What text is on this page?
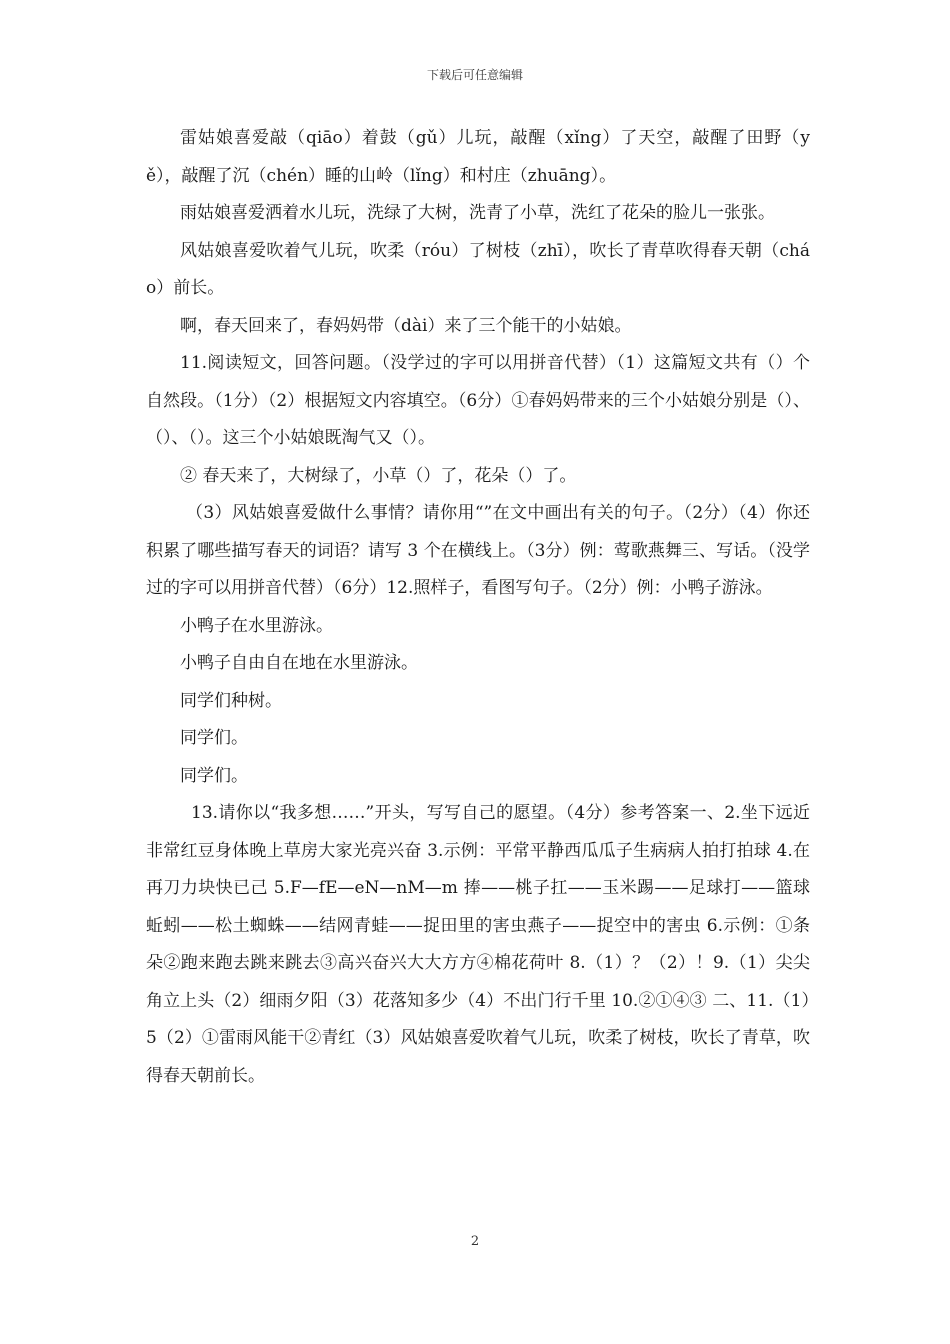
下载后可任意编辑

雷姑娘喜爱敲（qiāo）着鼓（gǔ）儿玩，敲醒（xǐng）了天空，敲醒了田野（yě），敲醒了沉（chén）睡的山岭（lǐng）和村庄（zhuāng）。

雨姑娘喜爱洒着水儿玩，洗绿了大树，洗青了小草，洗红了花朵的脸儿一张张。

风姑娘喜爱吹着气儿玩，吹柔（róu）了树枝（zhī），吹长了青草吹得春天朝（cháo）前长。

啊，春天回来了，春妈妈带（dài）来了三个能干的小姑娘。

11.阅读短文，回答问题。（没学过的字可以用拼音代替）（1）这篇短文共有（）个自然段。（1分）（2）根据短文内容填空。（6分）①春妈妈带来的三个小姑娘分别是（）、（）、（）。这三个小姑娘既淘气又（）。

② 春天来了，大树绿了，小草（）了，花朵（）了。

（3）风姑娘喜爱做什么事情？请你用“”在文中画出有关的句子。（2分）（4）你还积累了哪些描写春天的词语？请写 3 个在横线上。（3分）例：莺歌燕舞三、写话。（没学过的字可以用拼音代替）（6分）12.照样子，看图写句子。（2分）例：小鸭子游泳。

小鸭子在水里游泳。

小鸭子自由自在地在水里游泳。

同学们种树。

同学们。

同学们。

13.请你以“我多想……”开头，写写自己的愿望。（4分）参考答案一、2.坐下远近非常红豆身体晚上草房大家光亮兴奋 3.示例：平常平静西瓜瓜子生病病人拍打拍球 4.在再刀力块快已己 5.F—fE—eN—nM—m 捧——桃子扛——玉米踢——足球打——篮球蚯蚓——松土蜘蛛——结网青蛙——捉田里的害虫燕子——捉空中的害虫 6.示例：①条朵②跑来跑去跳来跳去③高兴奋兴大大方方④棉花荷叶 8.（1）？（2）！9.（1）尖尖角立上头（2）细雨夕阳（3）花落知多少（4）不出门行千里 10.②①④③ 二、11.（1）5（2）①雷雨风能干②青红（3）风姑娘喜爱吹着气儿玩，吹柔了树枝，吹长了青草，吹得春天朝前长。

2
